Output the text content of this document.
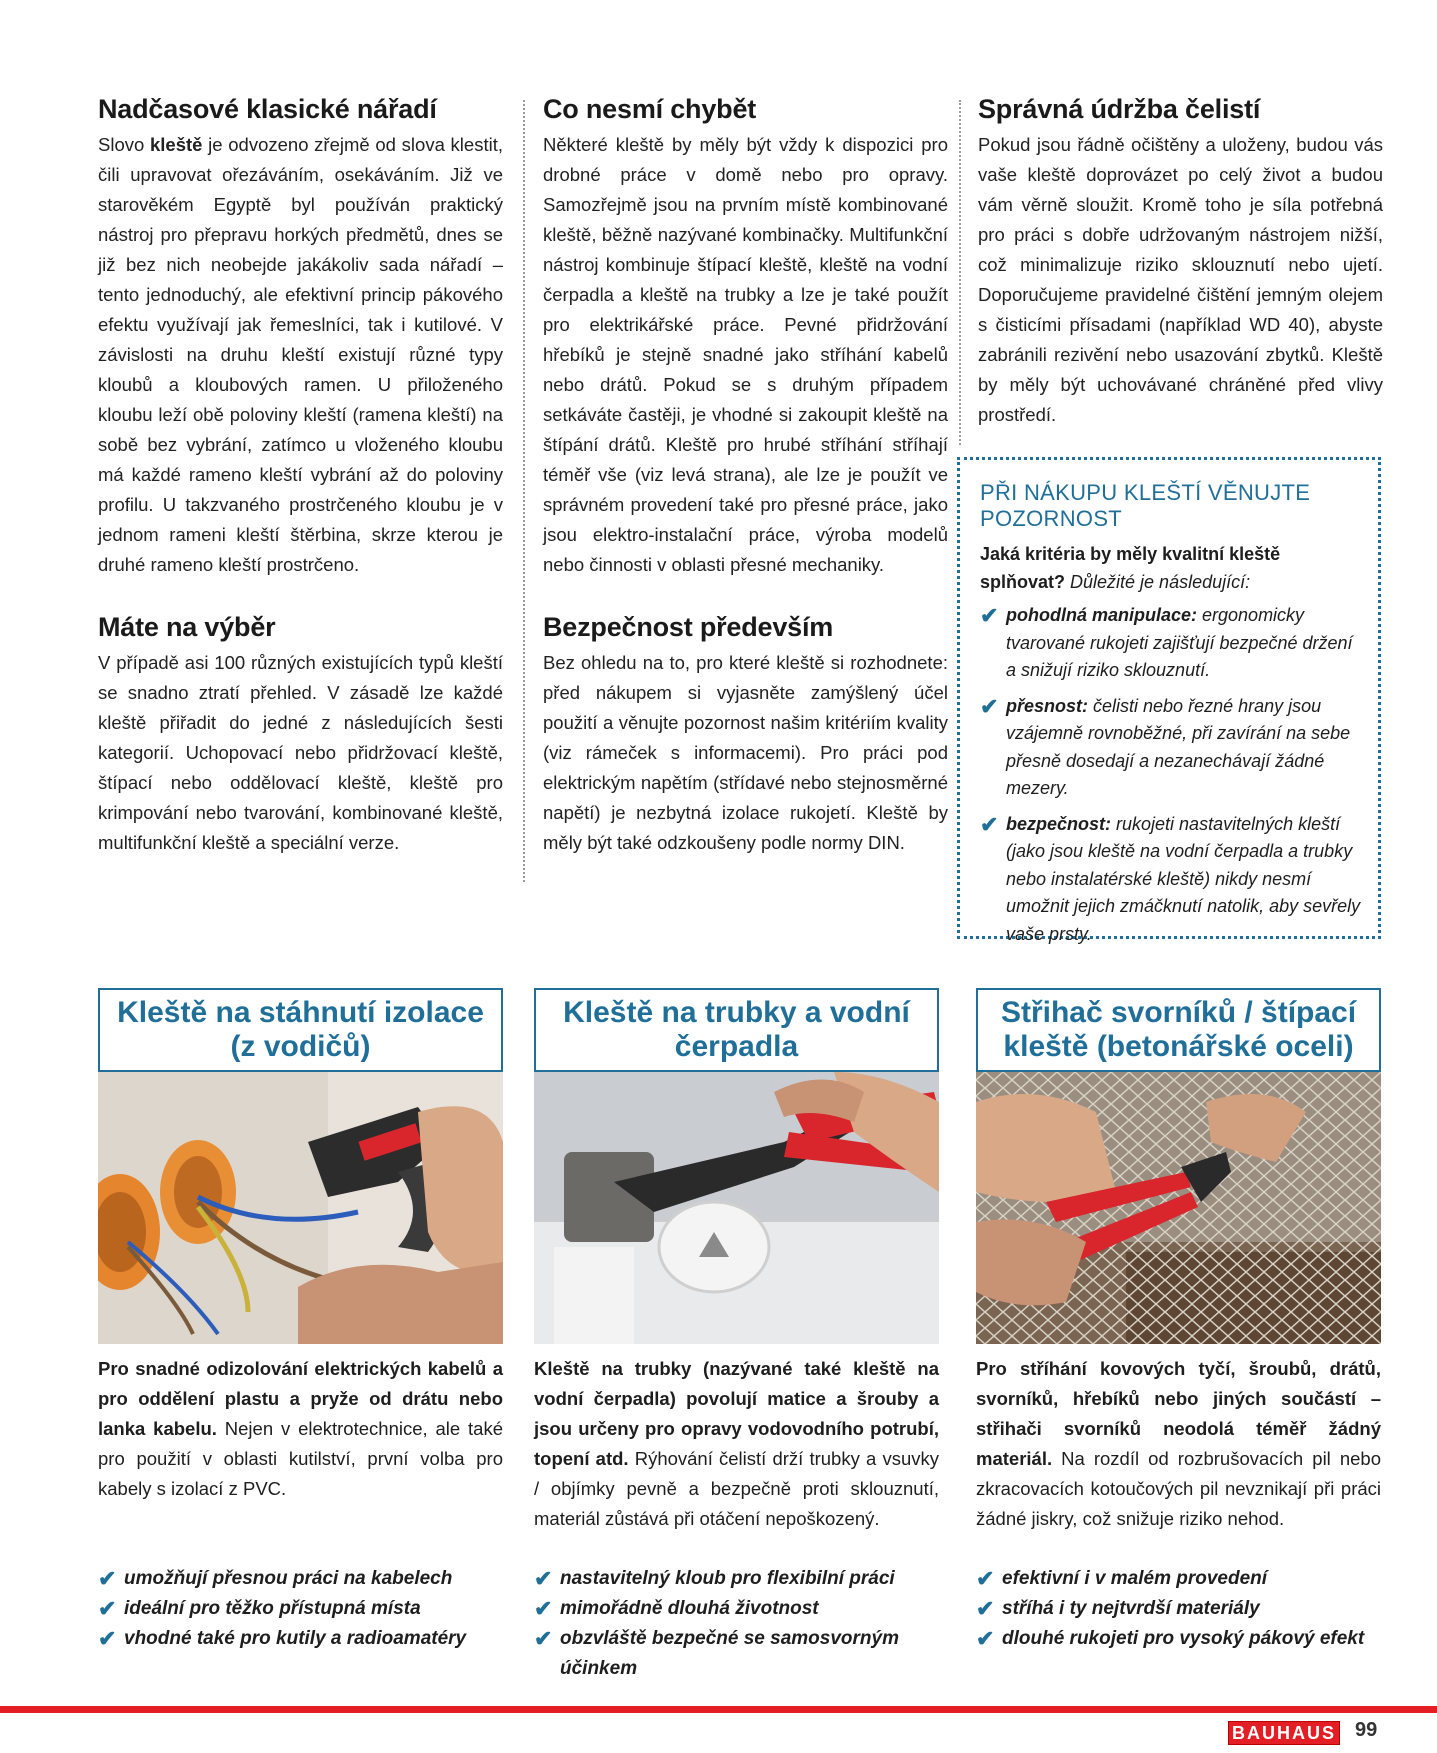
Nadčasové klasické nářadí

Slovo kleště je odvozeno zřejmě od slova klestit, čili upravovat ořezáváním, osekáváním. Již ve starověkém Egyptě byl používán praktický nástroj pro přepravu horkých předmětů, dnes se již bez nich neobejde jakákoliv sada nářadí – tento jednoduchý, ale efektivní princip pákového efektu využívají jak řemeslníci, tak i kutilové. V závislosti na druhu kleští existují různé typy kloubů a kloubových ramen. U přiloženého kloubu leží obě poloviny kleští (ramena kleští) na sobě bez vybrání, zatímco u vloženého kloubu má každé rameno kleští vybrání až do poloviny profilu. U takzvaného prostrčeného kloubu je v jednom rameni kleští štěrbina, skrze kterou je druhé rameno kleští prostrčeno.

Máte na výběr

V případě asi 100 různých existujících typů kleští se snadno ztratí přehled. V zásadě lze každé kleště přiřadit do jedné z následujících šesti kategorií. Uchopovací nebo přidržovací kleště, štípací nebo oddělovací kleště, kleště pro krimpování nebo tvarování, kombinované kleště, multifunkční kleště a speciální verze.

Co nesmí chybět

Některé kleště by měly být vždy k dispozici pro drobné práce v domě nebo pro opravy. Samozřejmě jsou na prvním místě kombinované kleště, běžně nazývané kombinačky. Multifunkční nástroj kombinuje štípací kleště, kleště na vodní čerpadla a kleště na trubky a lze je také použít pro elektrikářské práce. Pevné přidržování hřebíků je stejně snadné jako stříhání kabelů nebo drátů. Pokud se s druhým případem setkáváte častěji, je vhodné si zakoupit kleště na štípání drátů. Kleště pro hrubé stříhání stříhají téměř vše (viz levá strana), ale lze je použít ve správném provedení také pro přesné práce, jako jsou elektro-instalační práce, výroba modelů nebo činnosti v oblasti přesné mechaniky.

Bezpečnost především

Bez ohledu na to, pro které kleště si rozhodnete: před nákupem si vyjasněte zamýšlený účel použití a věnujte pozornost našim kritériím kvality (viz rámeček s informacemi). Pro práci pod elektrickým napětím (střídavé nebo stejnosměrné napětí) je nezbytná izolace rukojetí. Kleště by měly být také odzkoušeny podle normy DIN.

Správná údržba čelistí

Pokud jsou řádně očištěny a uloženy, budou vás vaše kleště doprovázet po celý život a budou vám věrně sloužit. Kromě toho je síla potřebná pro práci s dobře udržovaným nástrojem nižší, což minimalizuje riziko sklouznutí nebo ujetí. Doporučujeme pravidelné čištění jemným olejem s čisticími přísadami (například WD 40), abyste zabránili rezivění nebo usazování zbytků. Kleště by měly být uchovávané chráněné před vlivy prostředí.

PŘI NÁKUPU KLEŠTÍ VĚNUJTE POZORNOST
Jaká kritéria by měly kvalitní kleště splňovat? Důležité je následující:
✔ pohodlná manipulace: ergonomicky tvarované rukojeti zajišťují bezpečné držení a snižují riziko sklouznutí.
✔ přesnost: čelisti nebo řezné hrany jsou vzájemně rovnoběžné, při zavírání na sebe přesně dosedají a nezanechávají žádné mezery.
✔ bezpečnost: rukojeti nastavitelných kleští (jako jsou kleště na vodní čerpadla a trubky nebo instalatérské kleště) nikdy nesmí umožnit jejich zmáčknutí natolik, aby sevřely vaše prsty.
Kleště na stáhnutí izolace (z vodičů)
Pro snadné odizolování elektrických kabelů a pro oddělení plastu a pryže od drátu nebo lanka kabelu. Nejen v elektrotechnice, ale také pro použití v oblasti kutilství, první volba pro kabely s izolací z PVC.
✔ umožňují přesnou práci na kabelech
✔ ideální pro těžko přístupná místa
✔ vhodné také pro kutily a radioamatéry
Kleště na trubky a vodní čerpadla
Kleště na trubky (nazývané také kleště na vodní čerpadla) povolují matice a šrouby a jsou určeny pro opravy vodovodního potrubí, topení atd. Rýhování čelistí drží trubky a vsuvky / objímky pevně a bezpečně proti sklouznutí, materiál zůstává při otáčení nepoškozený.
✔ nastavitelný kloub pro flexibilní práci
✔ mimořádně dlouhá životnost
✔ obzvláště bezpečné se samosvorným účinkem
Střihač svorníků / štípací kleště (betonářské oceli)
Pro stříhání kovových tyčí, šroubů, drátů, svorníků, hřebíků nebo jiných součástí – střihači svorníků neodolá téměř žádný materiál. Na rozdíl od rozbrušovacích pil nebo zkracovacích kotoučových pil nevznikají při práci žádné jiskry, což snižuje riziko nehod.
✔ efektivní i v malém provedení
✔ stříhá i ty nejtvrdší materiály
✔ dlouhé rukojeti pro vysoký pákový efekt
BAUHAUS 99
